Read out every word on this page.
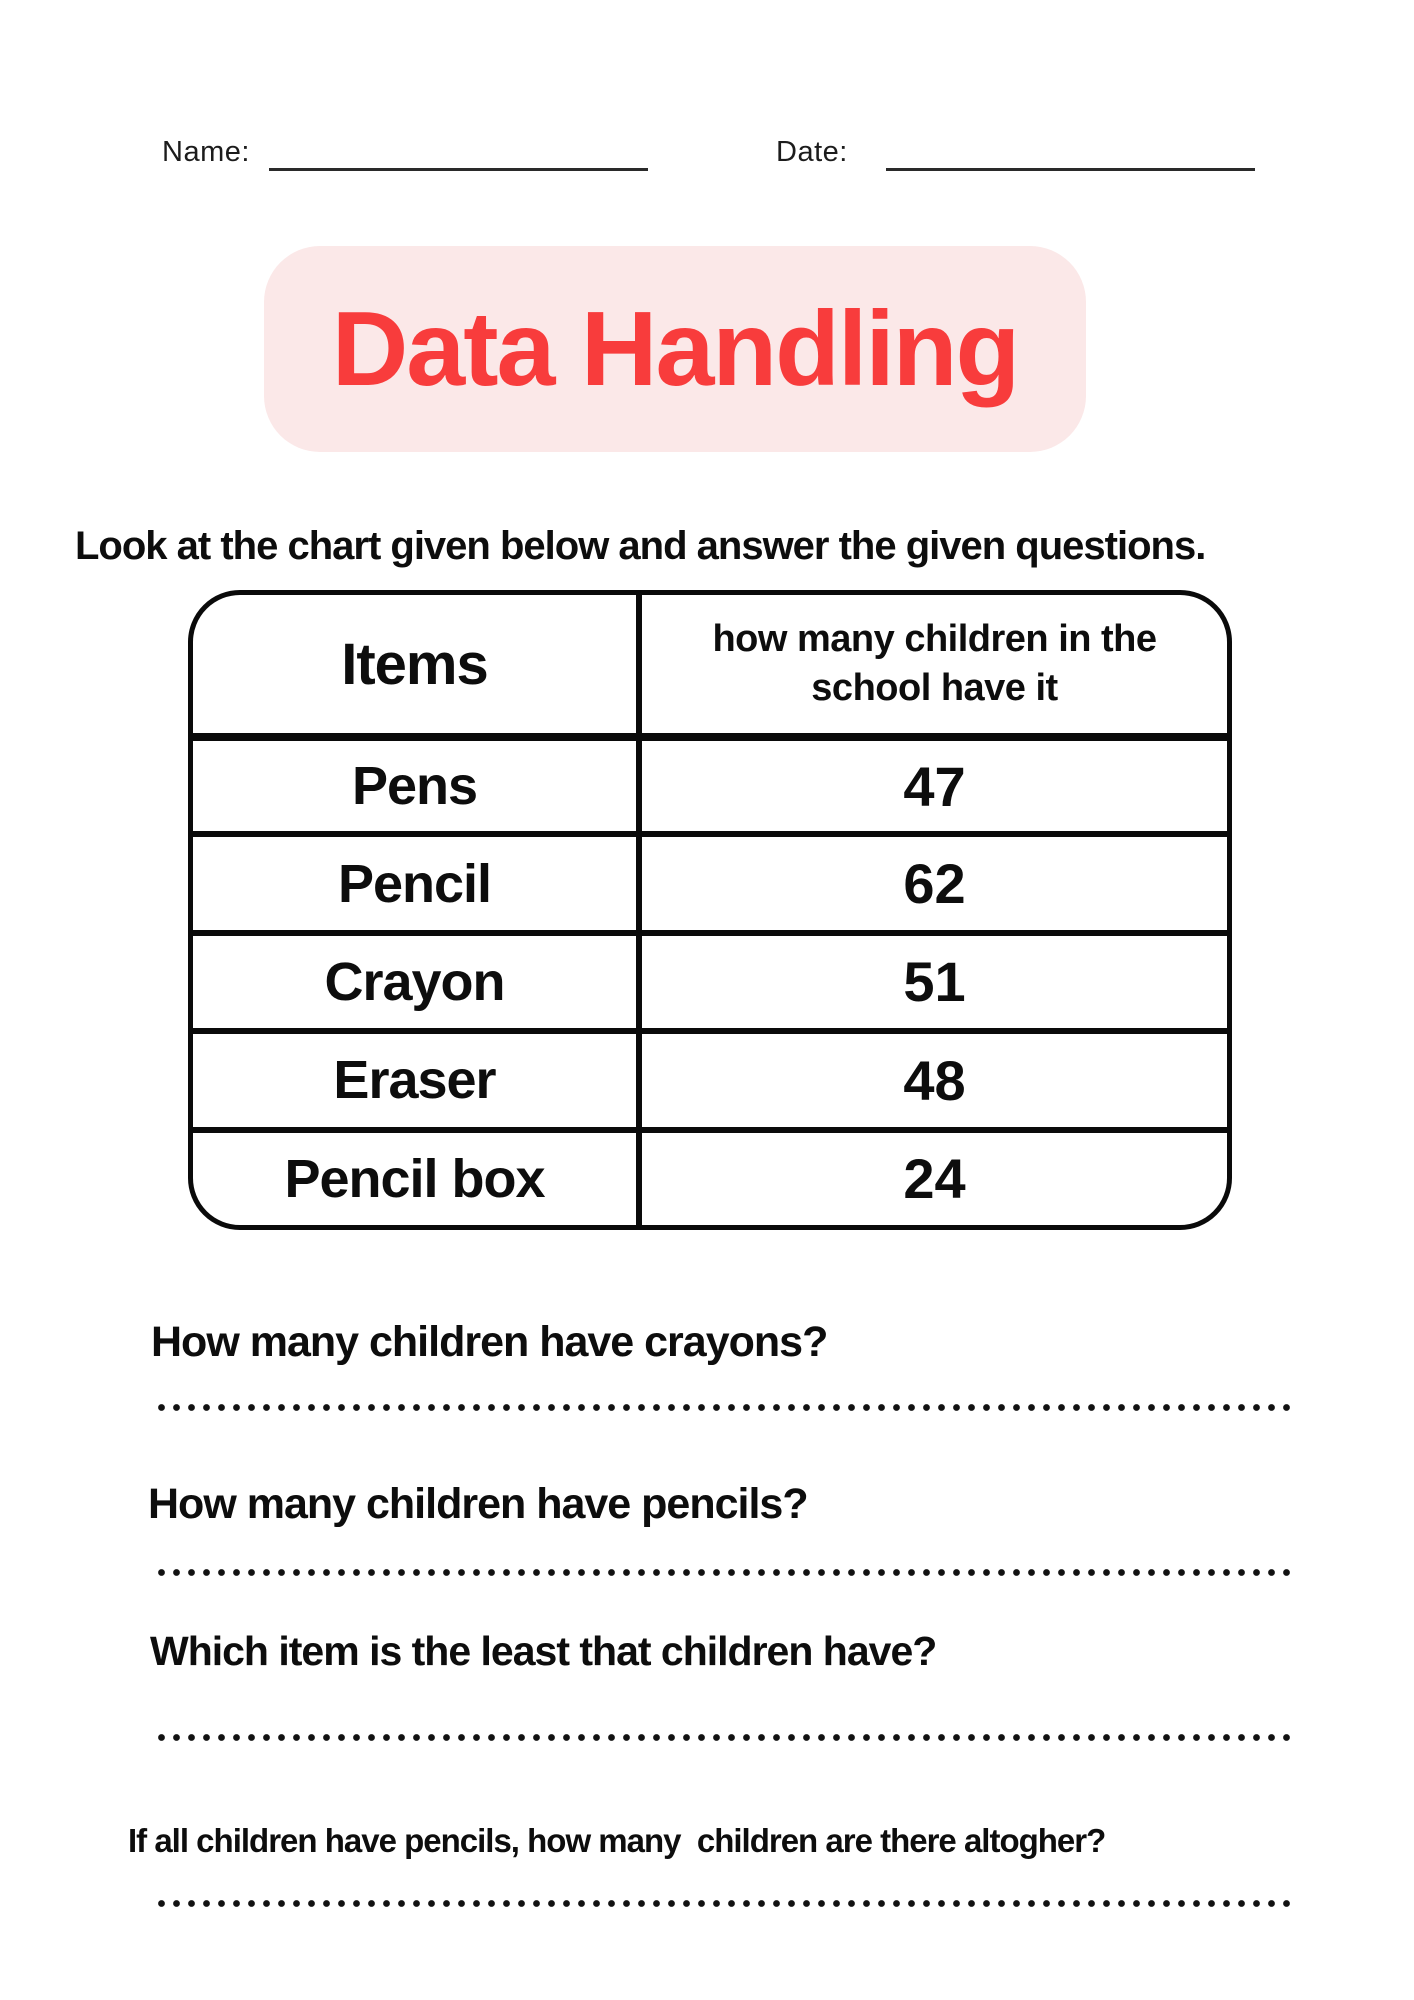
Name:	Date:
Data Handling

Look at the chart given below and answer the given questions.

Items	how many children in the school have it
Pens	47
Pencil	62
Crayon	51
Eraser	48
Pencil box	24

How many children have crayons?

How many children have pencils?

Which item is the least that children have?

If all children have pencils, how many  children are there altogher?
